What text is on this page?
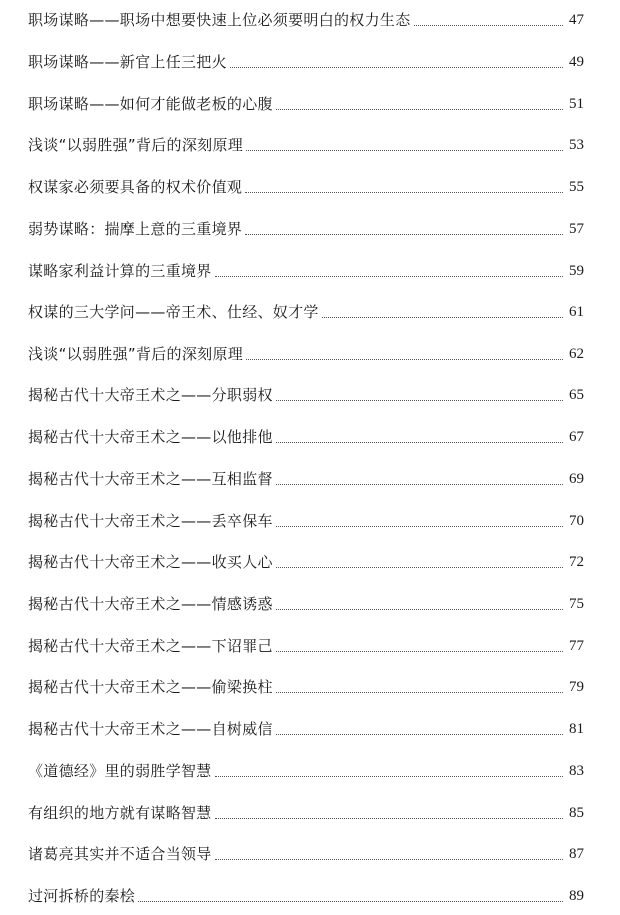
职场谋略——职场中想要快速上位必须要明白的权力生态	47
职场谋略——新官上任三把火	49
职场谋略——如何才能做老板的心腹	51
浅谈“以弱胜强”背后的深刻原理	53
权谋家必须要具备的权术价值观	55
弱势谋略：揣摩上意的三重境界	57
谋略家利益计算的三重境界	59
权谋的三大学问——帝王术、仕经、奴才学	61
浅谈“以弱胜强”背后的深刻原理	62
揭秘古代十大帝王术之——分职弱权	65
揭秘古代十大帝王术之——以他排他	67
揭秘古代十大帝王术之——互相监督	69
揭秘古代十大帝王术之——丢卒保车	70
揭秘古代十大帝王术之——收买人心	72
揭秘古代十大帝王术之——情感诱惑	75
揭秘古代十大帝王术之——下诏罪己	77
揭秘古代十大帝王术之——偷梁换柱	79
揭秘古代十大帝王术之——自树威信	81
《道德经》里的弱胜学智慧	83
有组织的地方就有谋略智慧	85
诸葛亮其实并不适合当领导	87
过河拆桥的秦桧	89
